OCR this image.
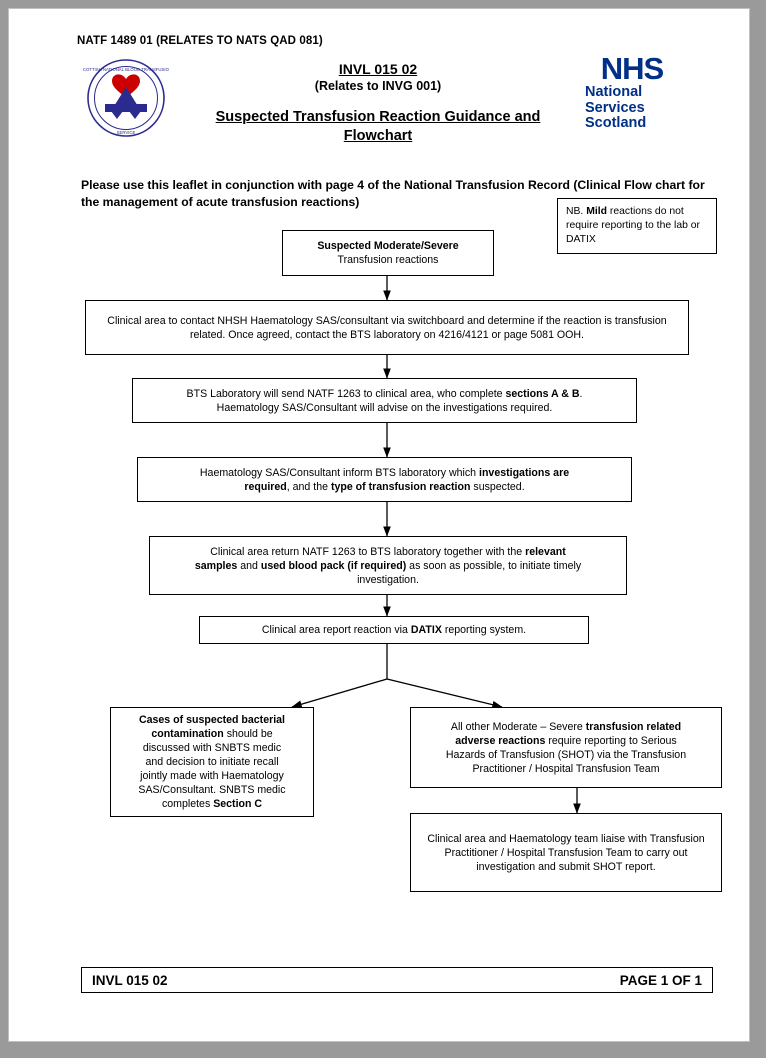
NATF 1489 01 (RELATES TO NATS QAD 081)
SCOTTISH NATIONAL BLOOD TRANSFUSION
SERVICE
INVL 015 02
(Relates to INVG 001)
Suspected Transfusion Reaction Guidance and
Flowchart
NHS
National
Services
Scotland
Please use this leaflet in conjunction with page 4 of the National Transfusion Record (Clinical Flow chart for the management of acute transfusion reactions)
NB. Mild reactions do not require reporting to the lab or DATIX
Suspected Moderate/Severe
Transfusion reactions
Clinical area to contact NHSH Haematology SAS/consultant via switchboard and determine if the reaction is transfusion related. Once agreed, contact the BTS laboratory on 4216/4121 or page 5081 OOH.
BTS Laboratory will send NATF 1263 to clinical area, who complete sections A & B.
Haematology SAS/Consultant will advise on the investigations required.
Haematology SAS/Consultant inform BTS laboratory which investigations are
required, and the type of transfusion reaction suspected.
Clinical area return NATF 1263 to BTS laboratory together with the relevant
samples and used blood pack (if required) as soon as possible, to initiate timely
investigation.
Clinical area report reaction via DATIX reporting system.
Cases of suspected bacterial
contamination should be
discussed with SNBTS medic
and decision to initiate recall
jointly made with Haematology
SAS/Consultant. SNBTS medic
completes Section C
All other Moderate – Severe transfusion related
adverse reactions require reporting to Serious
Hazards of Transfusion (SHOT) via the Transfusion
Practitioner / Hospital Transfusion Team
Clinical area and Haematology team liaise with Transfusion Practitioner / Hospital Transfusion Team to carry out investigation and submit SHOT report.
INVL 015 02	PAGE 1 OF 1
